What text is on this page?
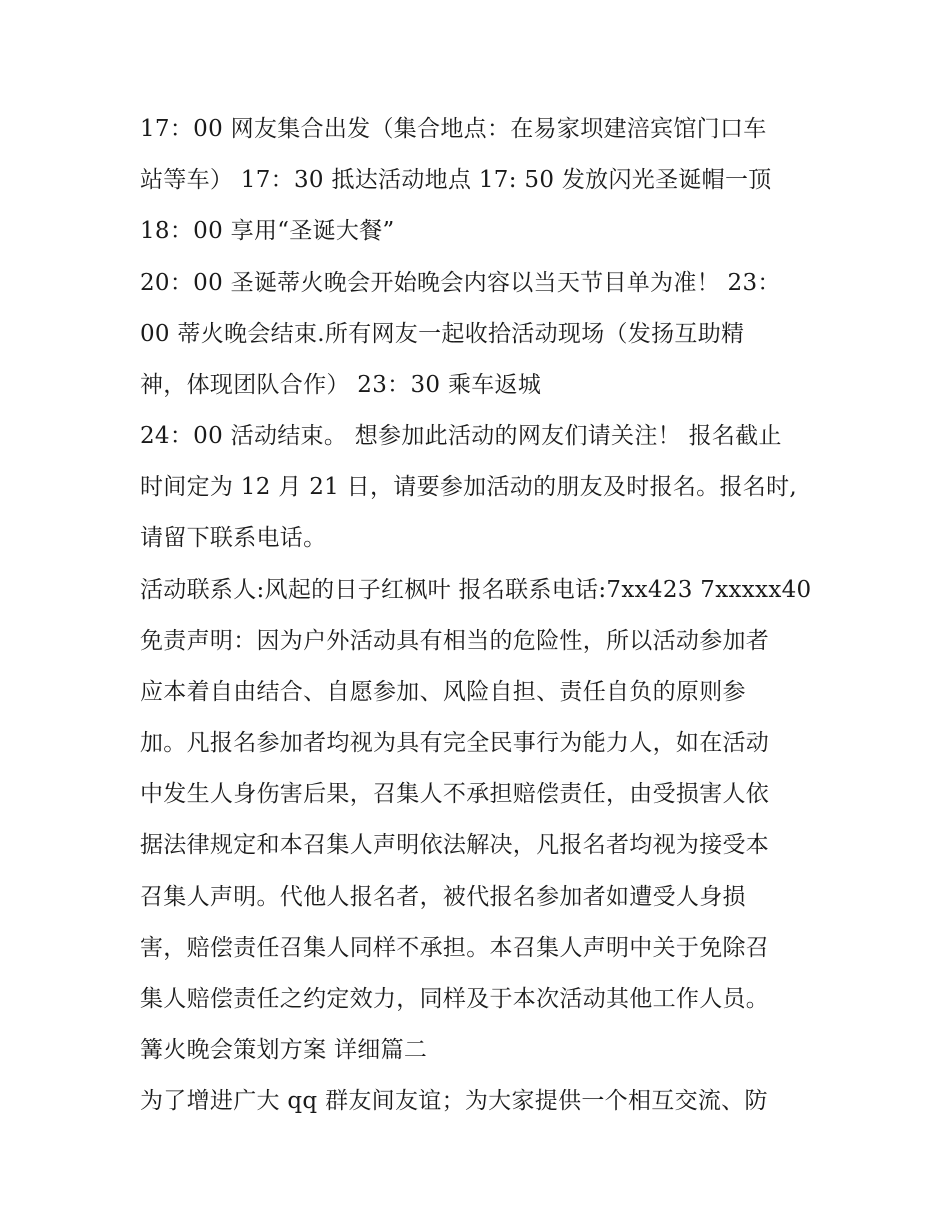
17：00 网友集合出发（集合地点：在易家坝建涪宾馆门口车
站等车） 17：30 抵达活动地点 17: 50 发放闪光圣诞帽一顶
18：00 享用“圣诞大餐”
20：00 圣诞蒂火晚会开始晚会内容以当天节目单为准！ 23：
00 蒂火晚会结束.所有网友一起收拾活动现场（发扬互助精
神，体现团队合作） 23：30 乘车返城
24：00 活动结束。 想参加此活动的网友们请关注！ 报名截止
时间定为 12 月 21 日，请要参加活动的朋友及时报名。报名时,
请留下联系电话。
活动联系人:风起的日子红枫叶 报名联系电话:7xx423 7xxxxx40
免责声明：因为户外活动具有相当的危险性，所以活动参加者
应本着自由结合、自愿参加、风险自担、责任自负的原则参
加。凡报名参加者均视为具有完全民事行为能力人，如在活动
中发生人身伤害后果，召集人不承担赔偿责任，由受损害人依
据法律规定和本召集人声明依法解决，凡报名者均视为接受本
召集人声明。代他人报名者，被代报名参加者如遭受人身损
害，赔偿责任召集人同样不承担。本召集人声明中关于免除召
集人赔偿责任之约定效力，同样及于本次活动其他工作人员。
篝火晚会策划方案 详细篇二
为了增进广大 qq 群友间友谊；为大家提供一个相互交流、防
